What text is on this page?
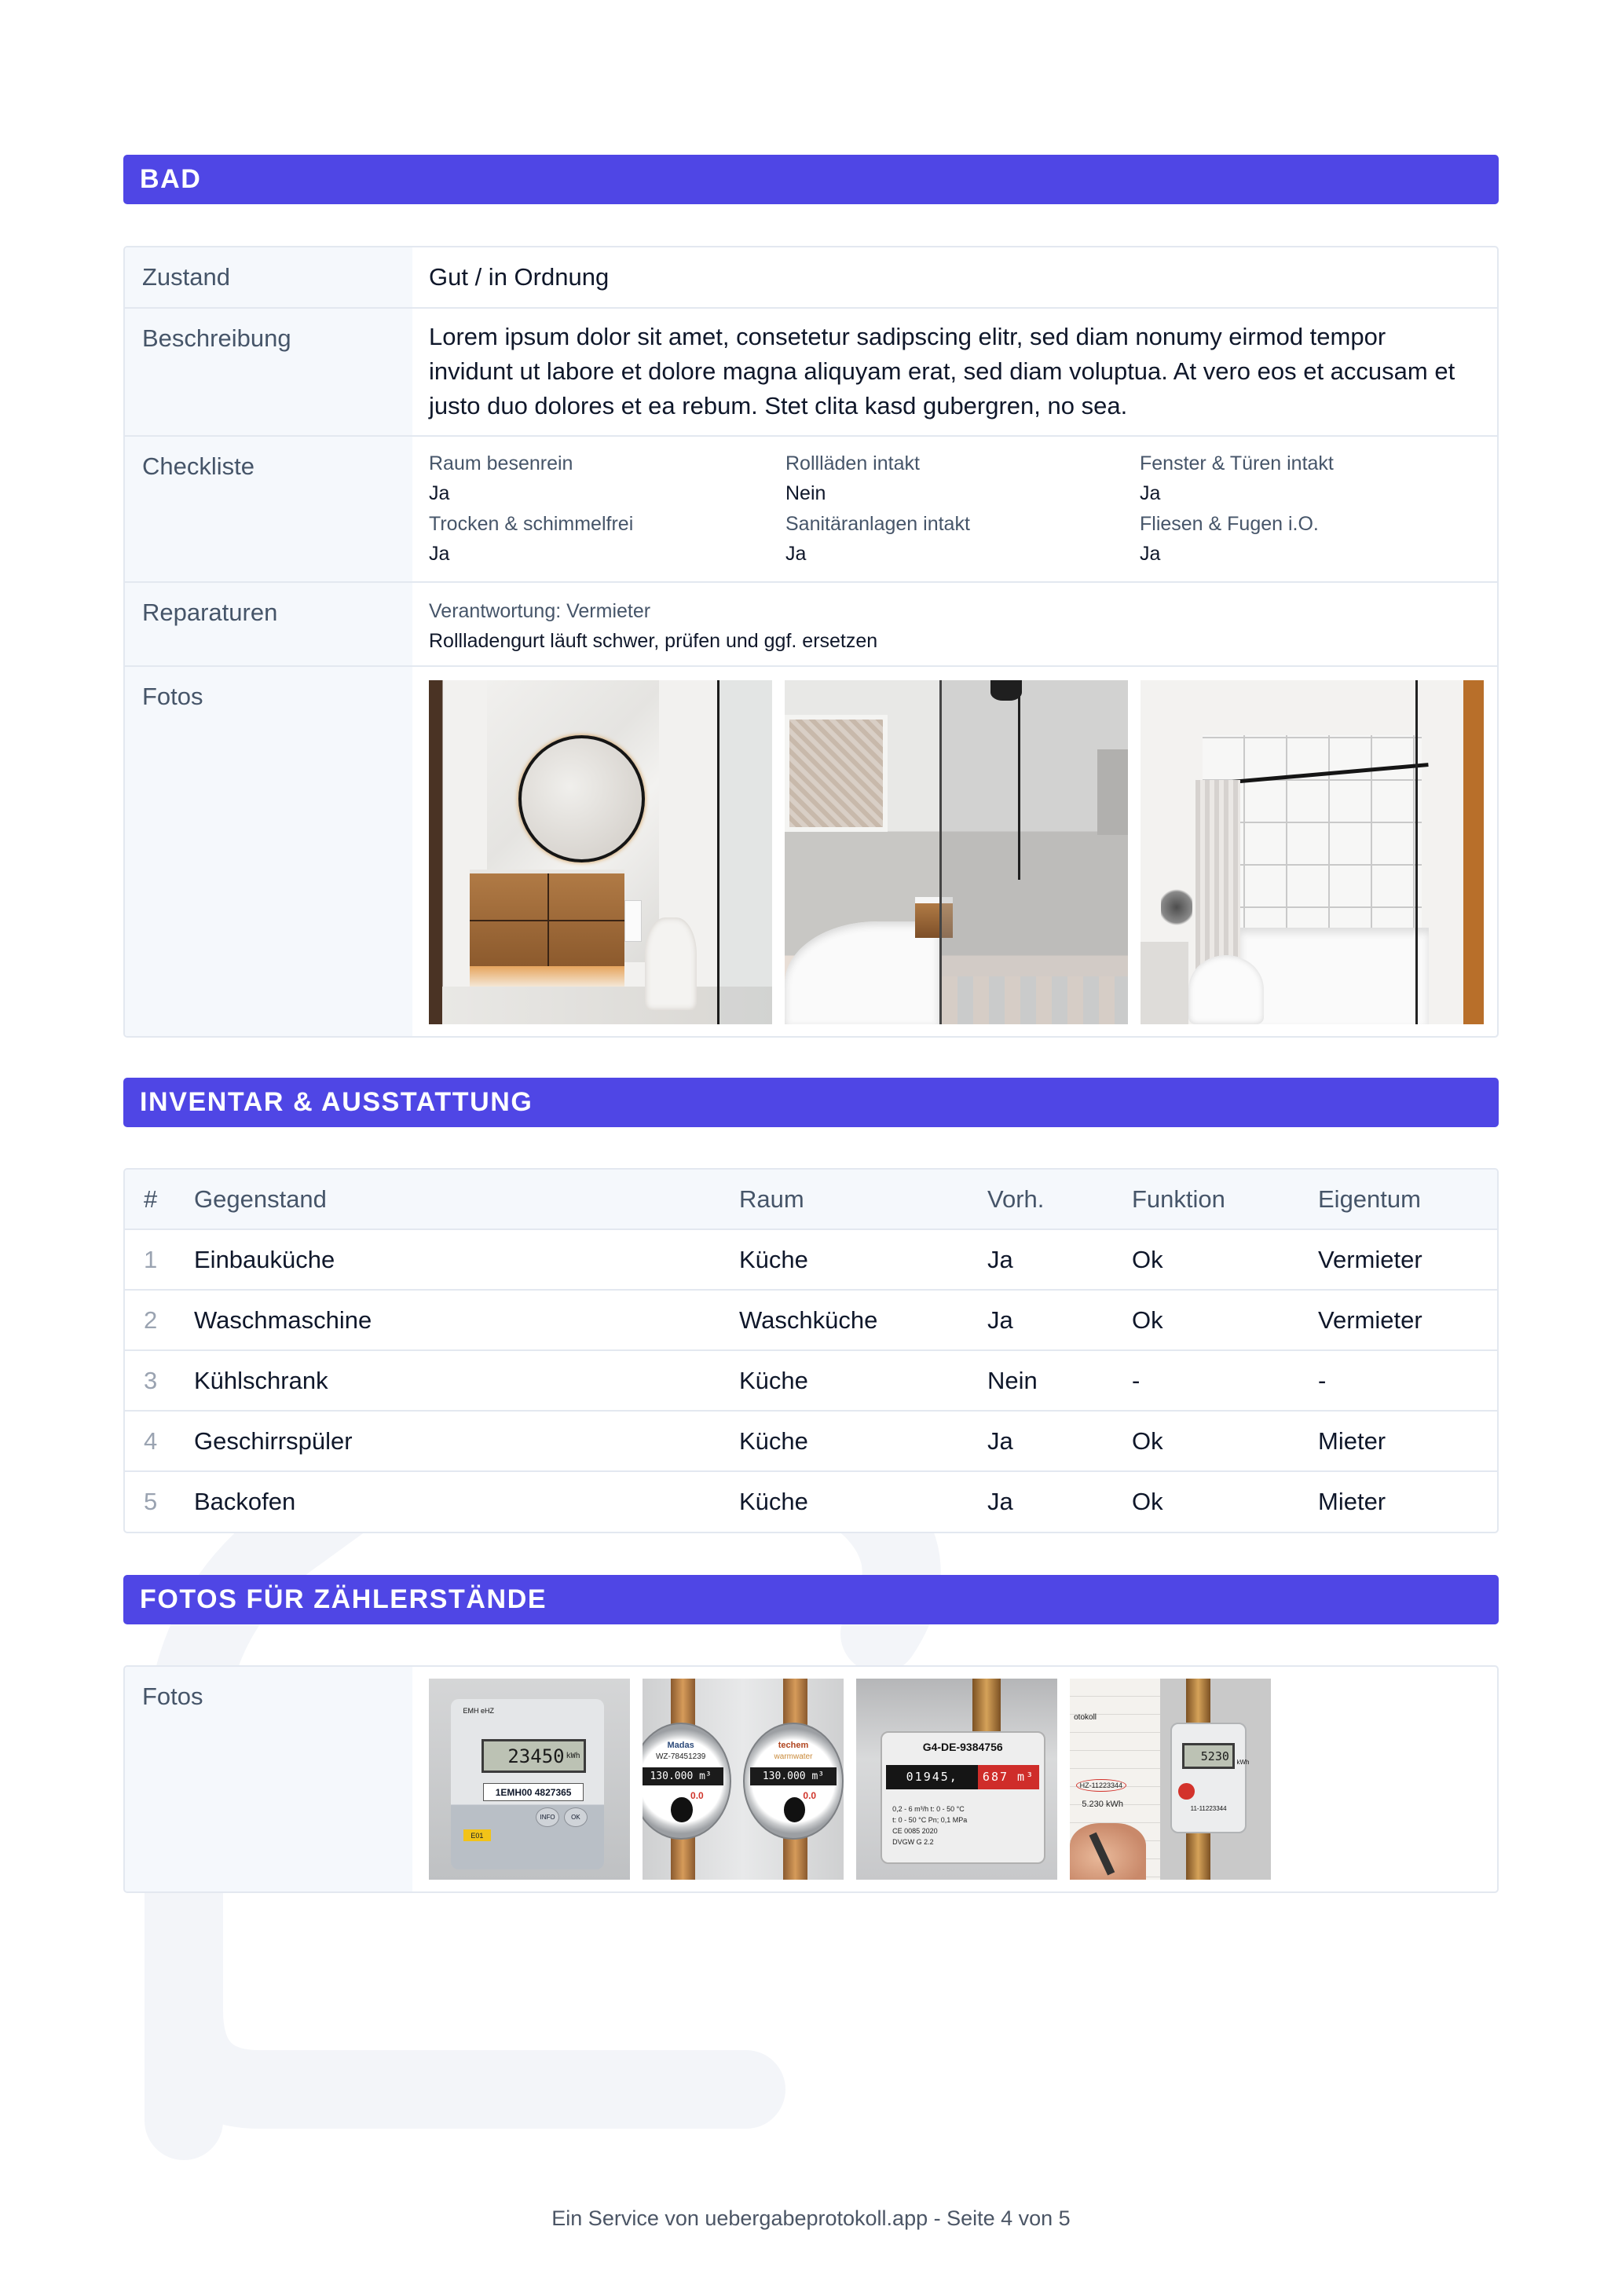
BAD
Zustand	Gut / in Ordnung
Beschreibung	Lorem ipsum dolor sit amet, consetetur sadipscing elitr, sed diam nonumy eirmod tempor invidunt ut labore et dolore magna aliquyam erat, sed diam voluptua. At vero eos et accusam et justo duo dolores et ea rebum. Stet clita kasd gubergren, no sea.
Checkliste	Raum besenrein
Ja
Rollläden intakt
Nein
Fenster & Türen intakt
Ja
Trocken & schimmelfrei
Ja
Sanitäranlagen intakt
Ja
Fliesen & Fugen i.O.
Ja
Reparaturen	Verantwortung: Vermieter
Rollladengurt läuft schwer, prüfen und ggf. ersetzen
Fotos
INVENTAR & AUSSTATTUNG
#	Gegenstand	Raum	Vorh.	Funktion	Eigentum
1	Einbauküche	Küche	Ja	Ok	Vermieter
2	Waschmaschine	Waschküche	Ja	Ok	Vermieter
3	Kühlschrank	Küche	Nein	-	-
4	Geschirrspüler	Küche	Ja	Ok	Mieter
5	Backofen	Küche	Ja	Ok	Mieter
FOTOS FÜR ZÄHLERSTÄNDE
Fotos
EMH eHZ
23450 kWh
1EMH00 4827365
INFO	OK
E01
Madas
WZ-78451239
130.000 m³
0.0
techem
warmwater
130.000 m³
0.0
G4-DE-9384756
01945,	687 m³
0,2 - 6 m³/h t: 0 - 50 °C
t: 0 - 50 °C Pn; 0,1 MPa
CE 0085 2020
DVGW G 2.2
otokoll
5230 kWh
11-11223344
HZ-11223344
5.230 kWh
Ein Service von uebergabeprotokoll.app - Seite 4 von 5
